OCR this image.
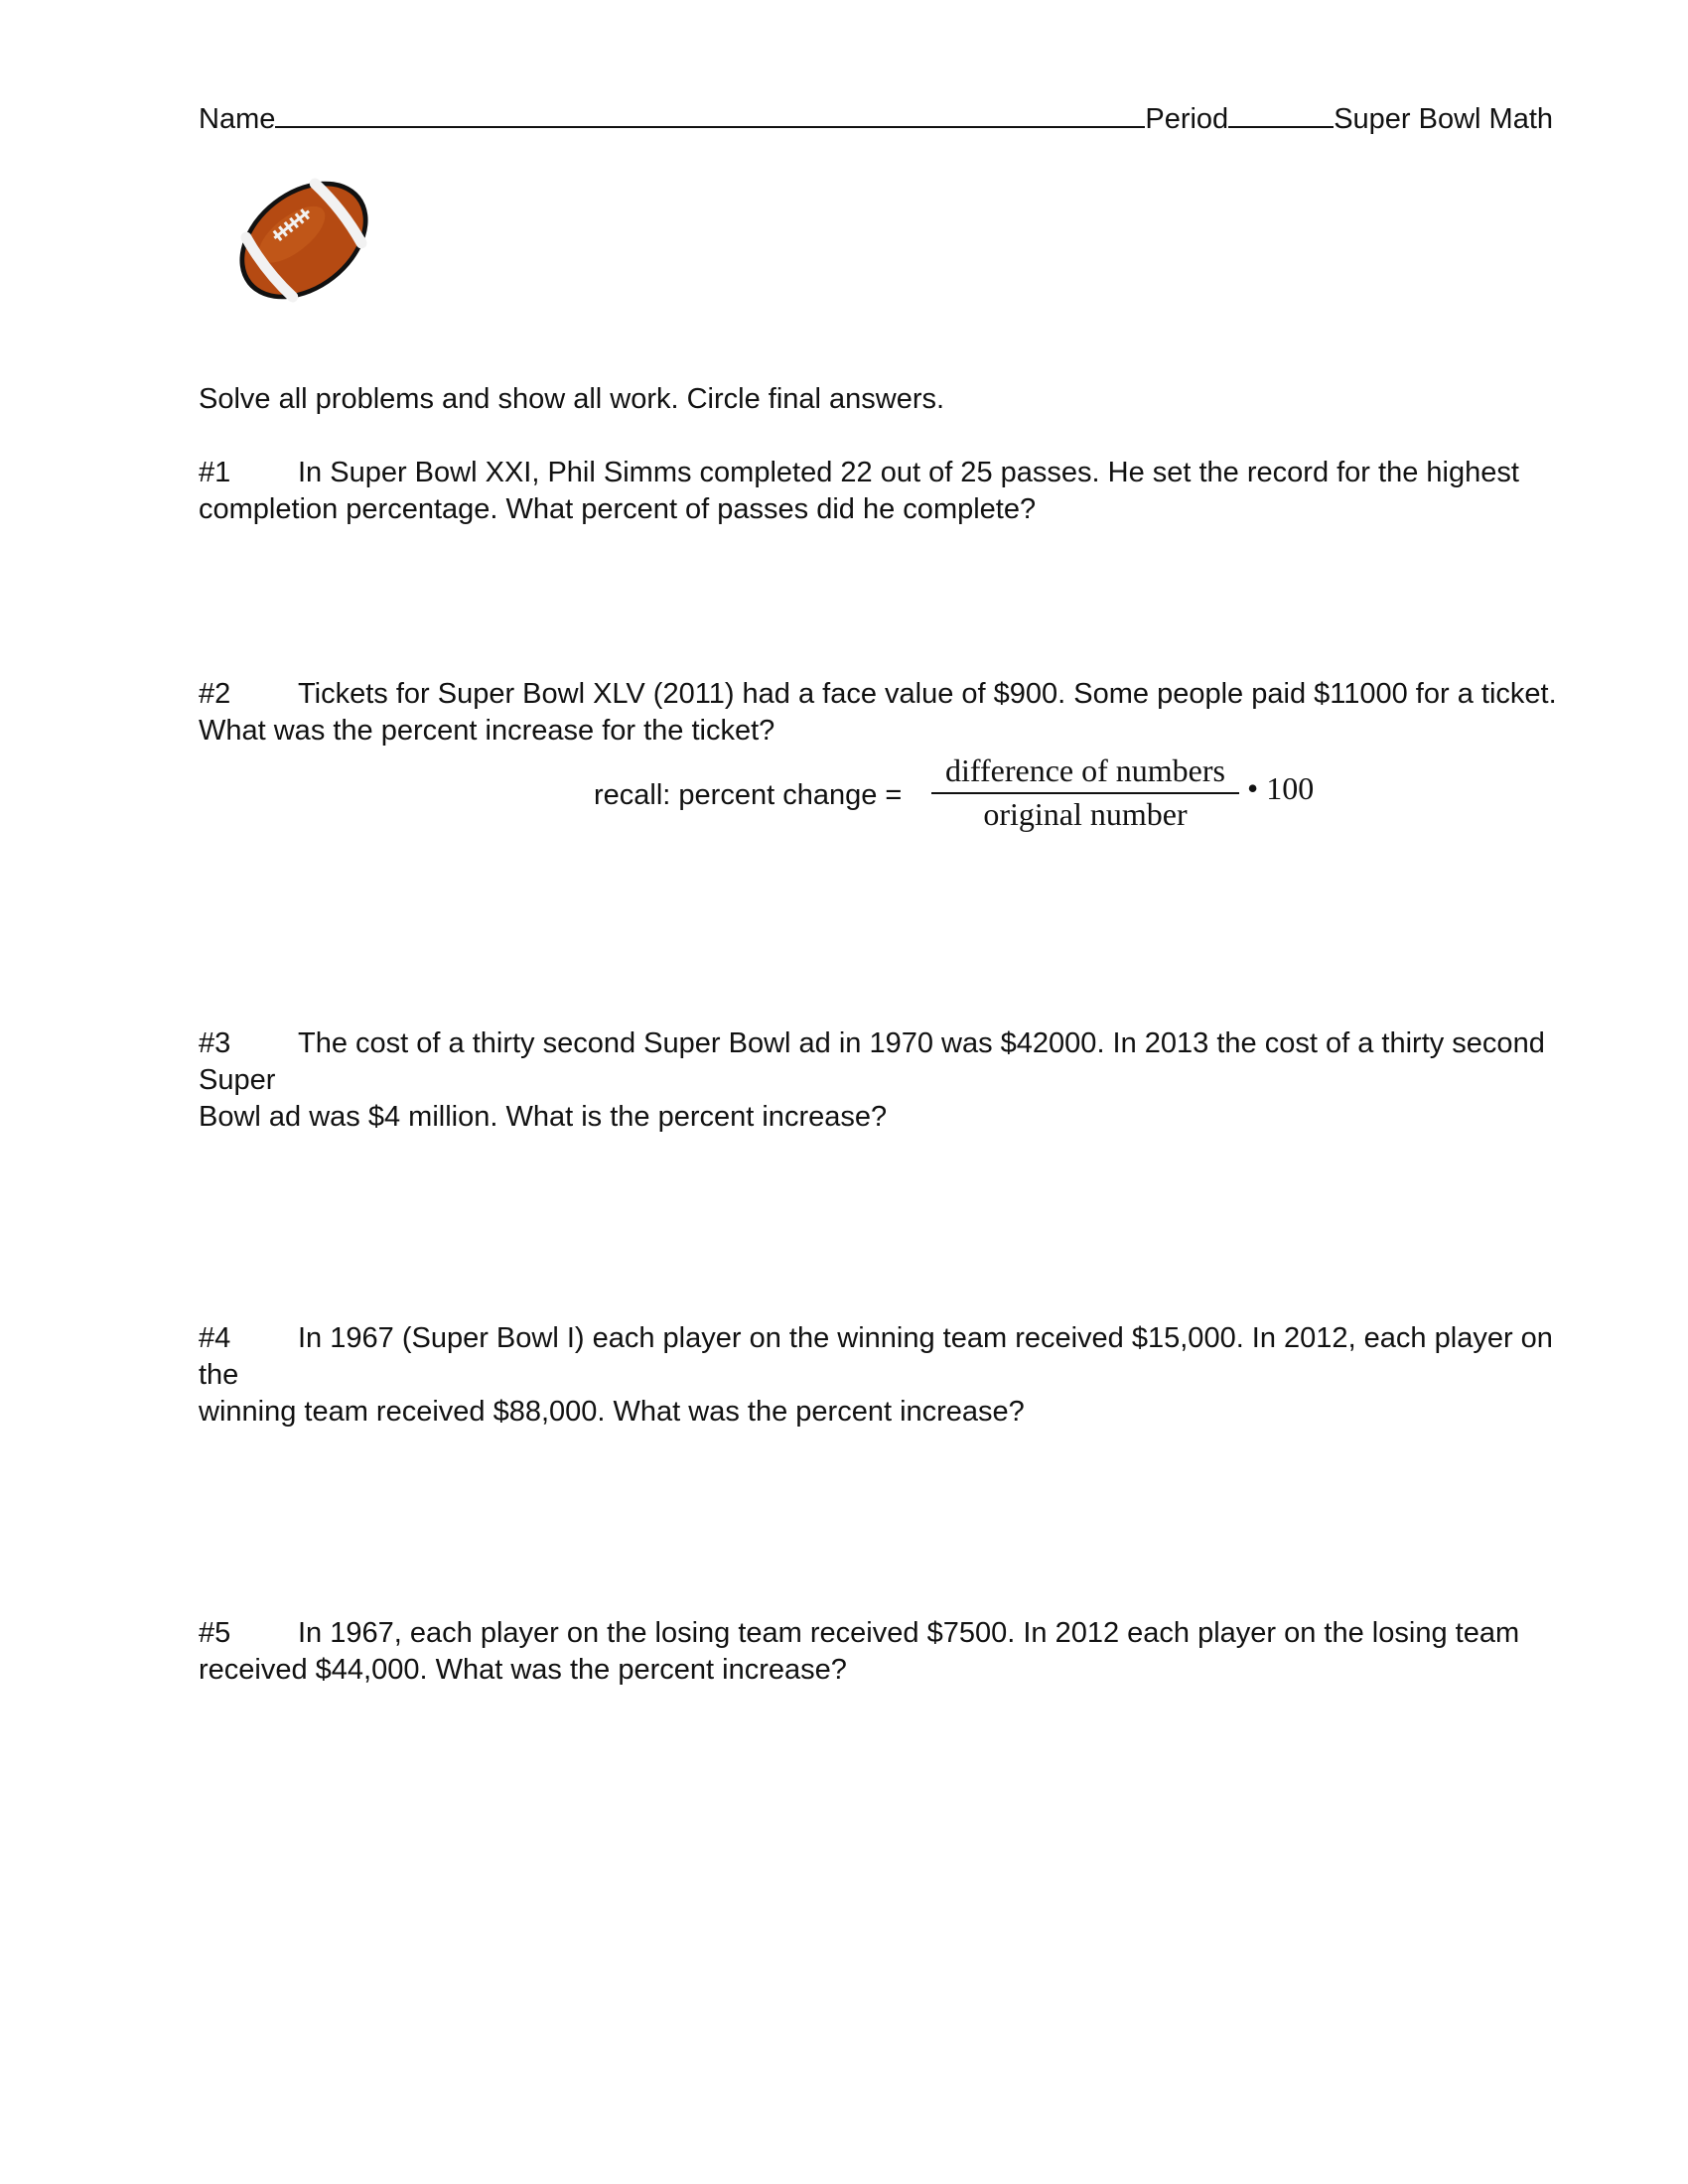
Name	Period	Super Bowl Math
Solve all problems and show all work. Circle final answers.
#1 In Super Bowl XXI, Phil Simms completed 22 out of 25 passes. He set the record for the highest
completion percentage. What percent of passes did he complete?
#2 Tickets for Super Bowl XLV (2011) had a face value of $900. Some people paid $11000 for a ticket.
What was the percent increase for the ticket?
recall: percent change =
difference of numbers
original number
• 100
#3 The cost of a thirty second Super Bowl ad in 1970 was $42000. In 2013 the cost of a thirty second Super
Bowl ad was $4 million. What is the percent increase?
#4 In 1967 (Super Bowl I) each player on the winning team received $15,000. In 2012, each player on the
winning team received $88,000. What was the percent increase?
#5 In 1967, each player on the losing team received $7500. In 2012 each player on the losing team
received $44,000. What was the percent increase?
